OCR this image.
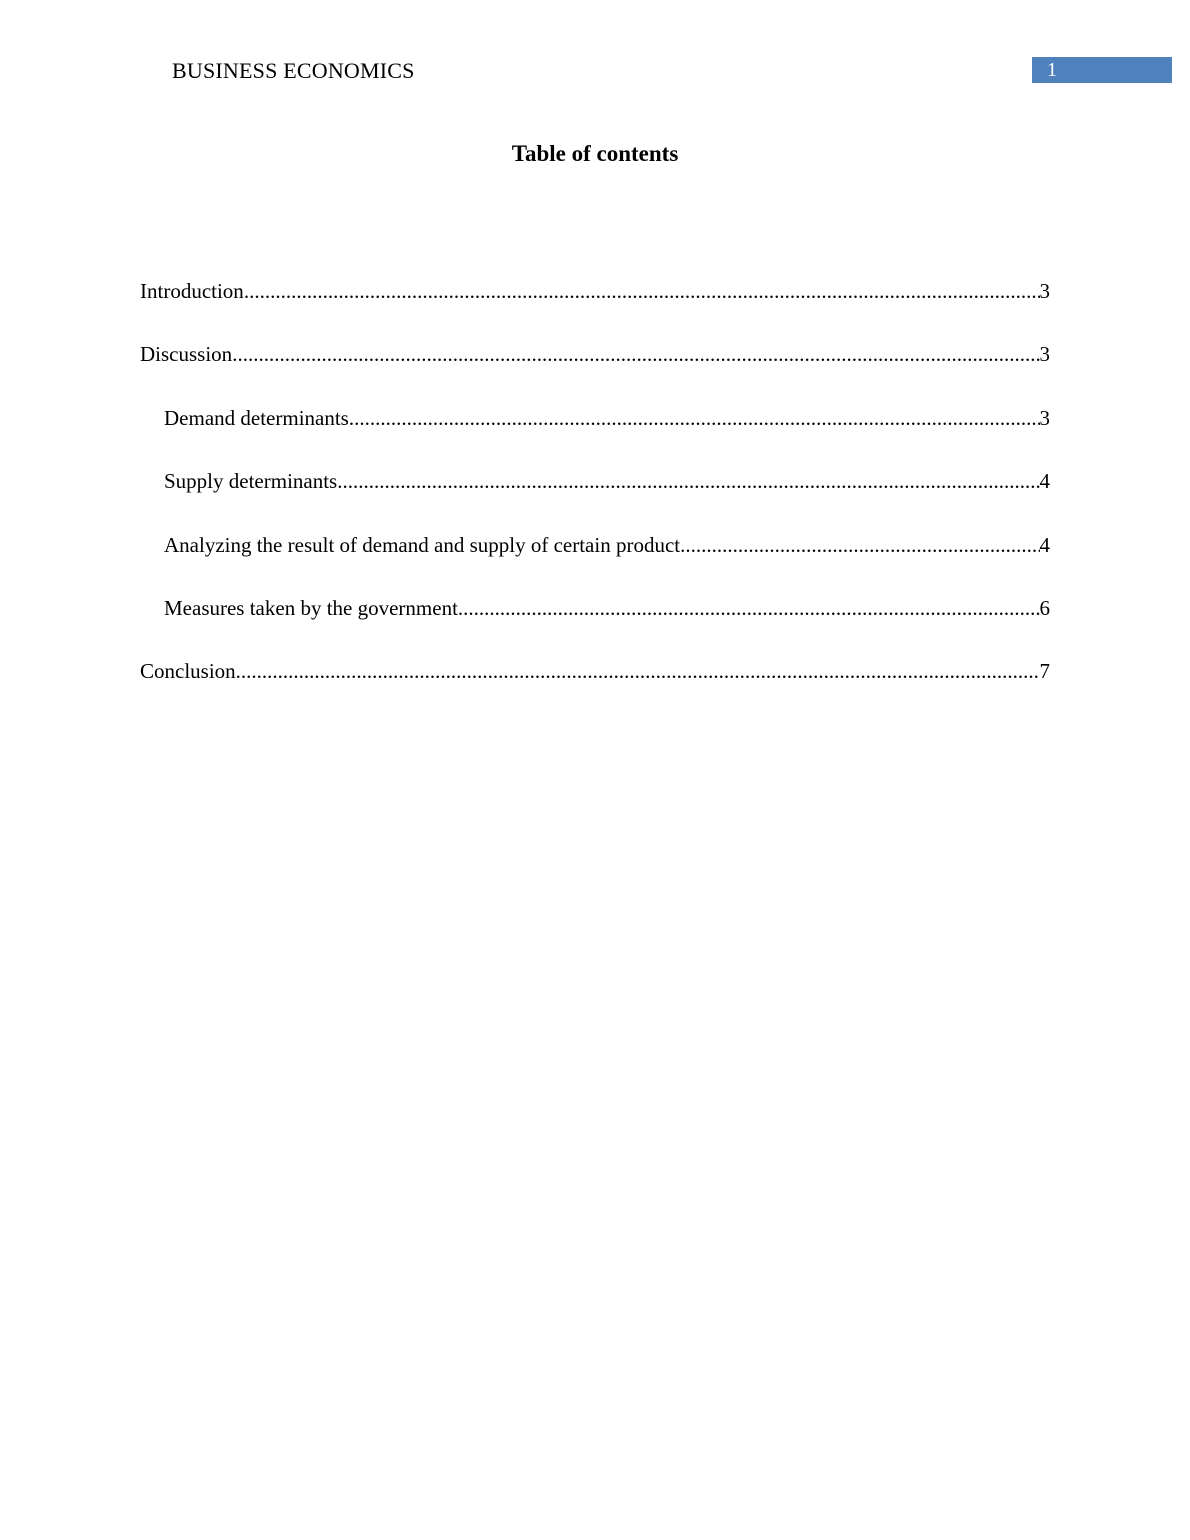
BUSINESS ECONOMICS	1
Table of contents
Introduction .....	3
Discussion .....	3
Demand determinants .....	3
Supply determinants .....	4
Analyzing the result of demand and supply of certain product .....	4
Measures taken by the government .....	6
Conclusion .....	7
